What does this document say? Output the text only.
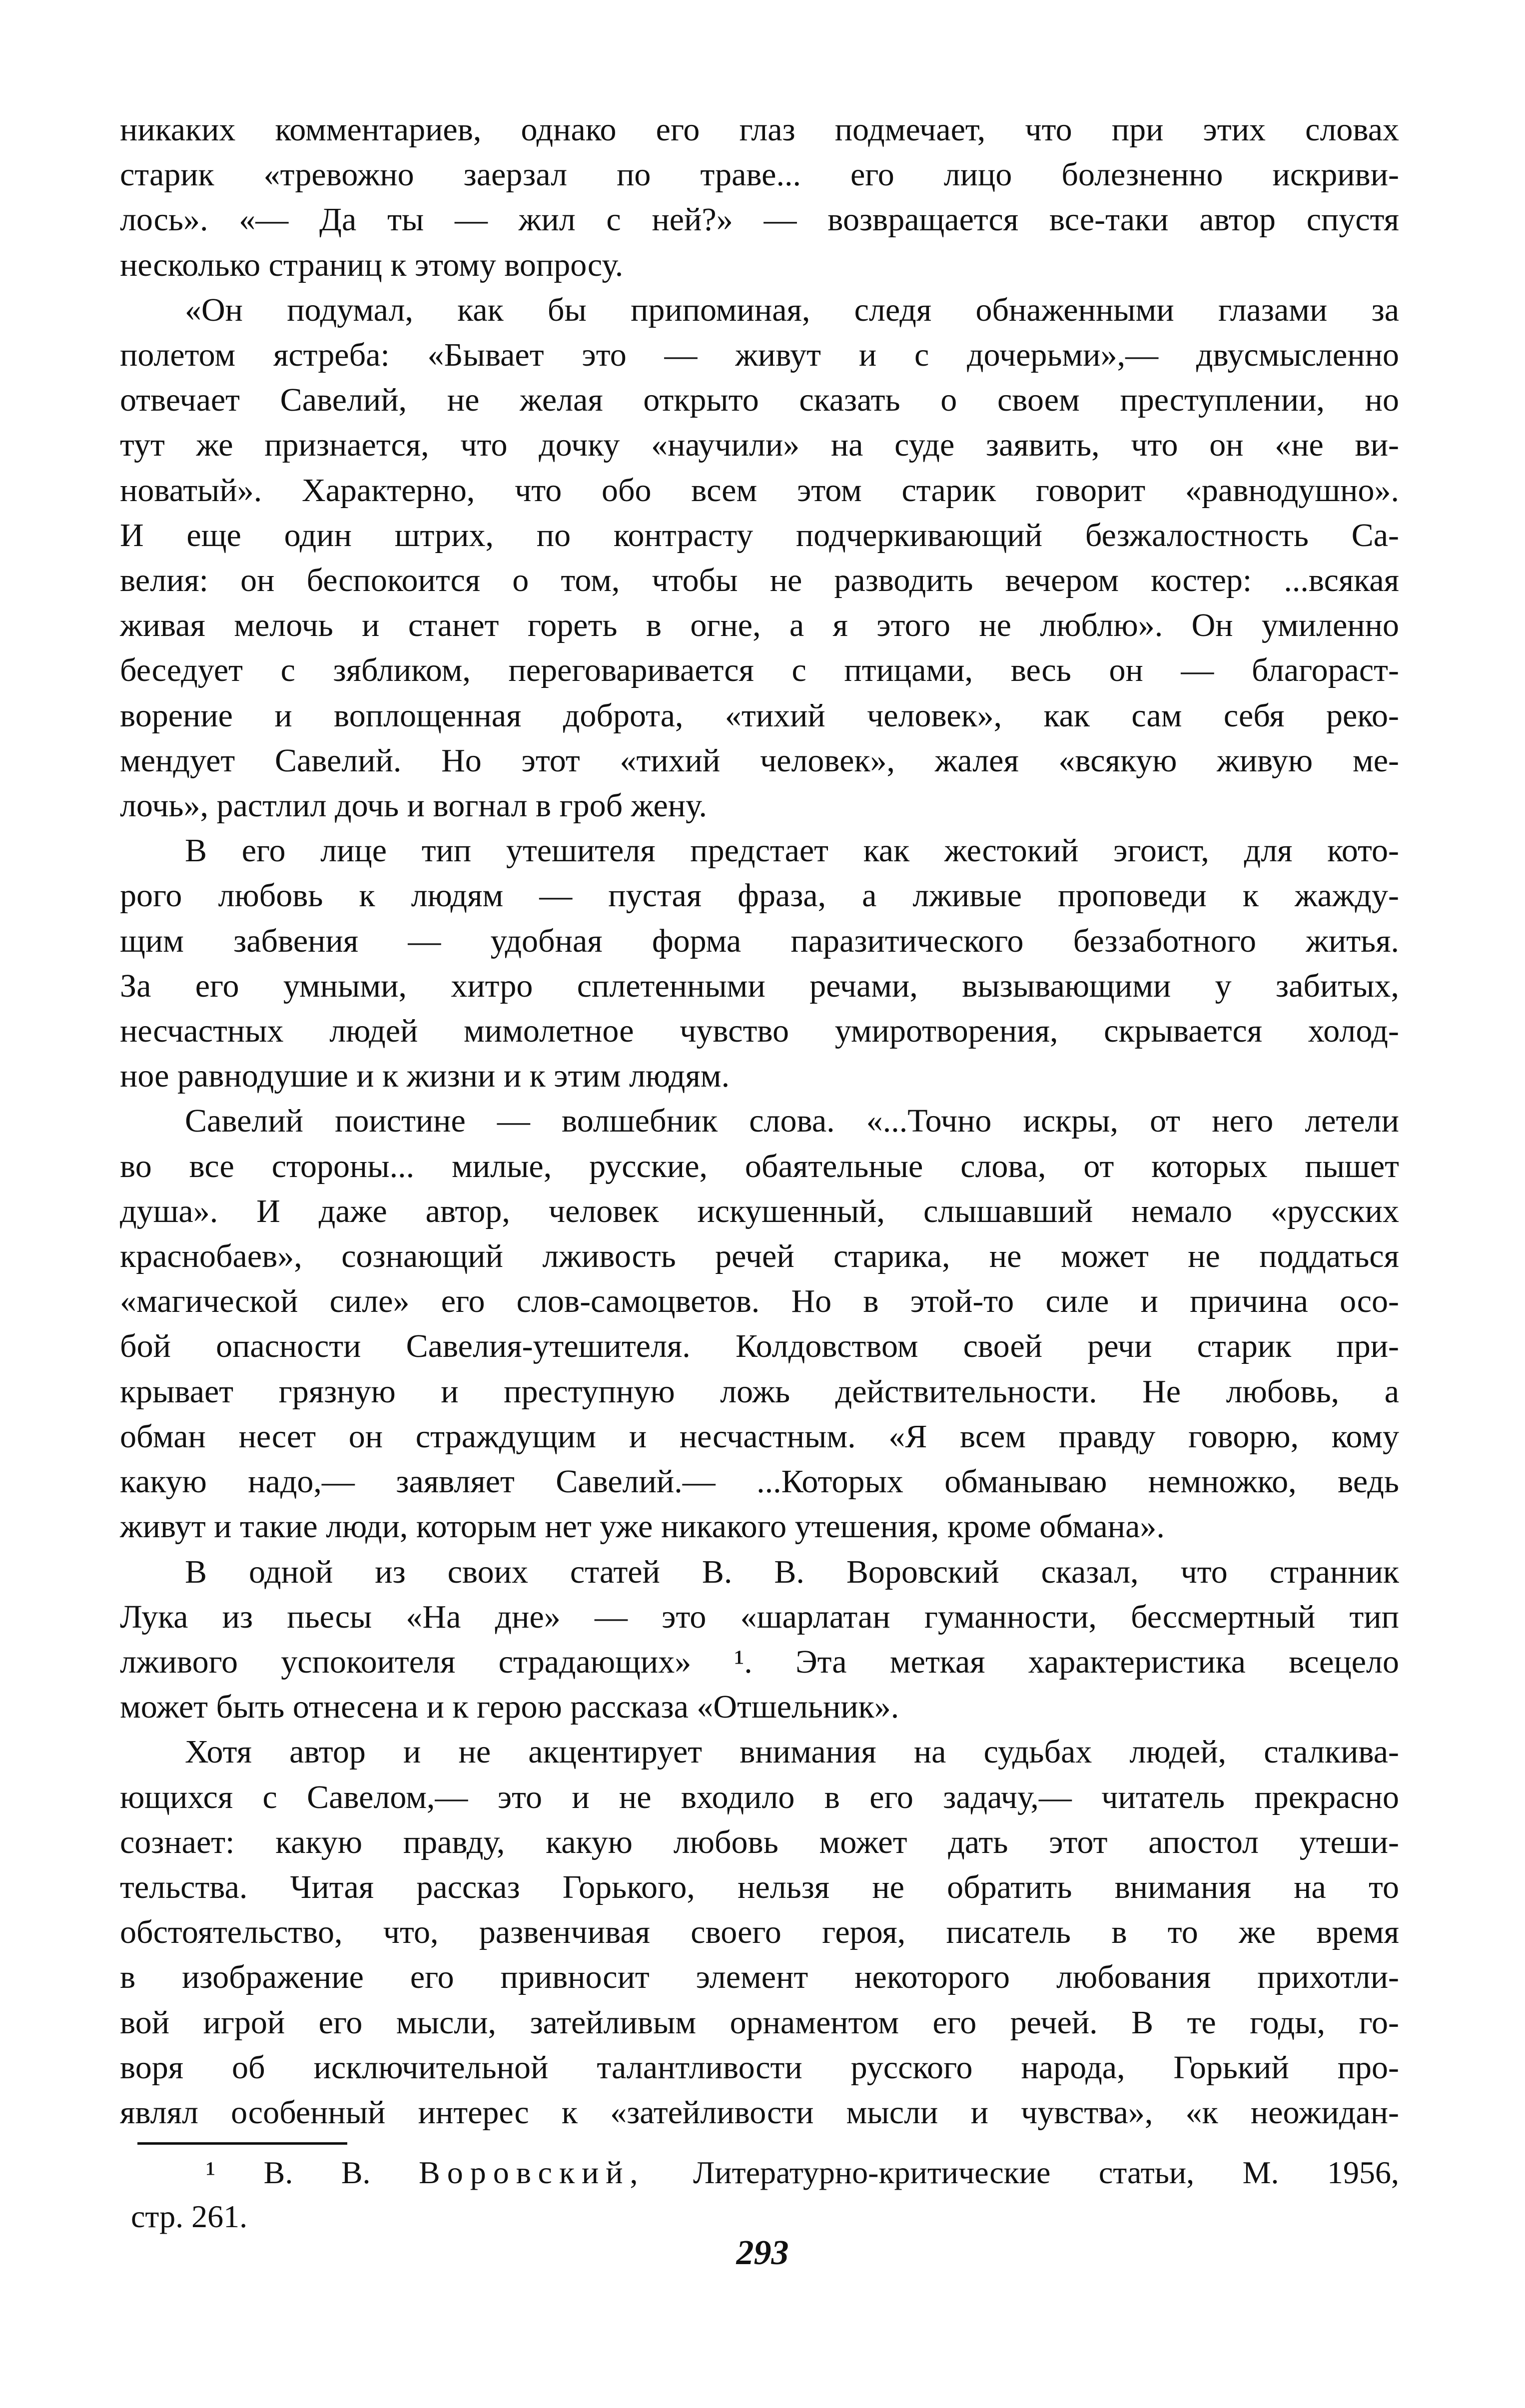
никаких комментариев, однако его глаз подмечает, что при этих словах
старик «тревожно заерзал по траве... его лицо болезненно искриви-
лось». «— Да ты — жил с ней?» — возвращается все-таки автор спустя
несколько страниц к этому вопросу.

«Он подумал, как бы припоминая, следя обнаженными глазами за
полетом ястреба: «Бывает это — живут и с дочерьми»,— двусмысленно
отвечает Савелий, не желая открыто сказать о своем преступлении, но
тут же признается, что дочку «научили» на суде заявить, что он «не ви-
новатый». Характерно, что обо всем этом старик говорит «равнодушно».
И еще один штрих, по контрасту подчеркивающий безжалостность Са-
велия: он беспокоится о том, чтобы не разводить вечером костер: ...всякая
живая мелочь и станет гореть в огне, а я этого не люблю». Он умиленно
беседует с зябликом, переговаривается с птицами, весь он — благораст-
ворение и воплощенная доброта, «тихий человек», как сам себя реко-
мендует Савелий. Но этот «тихий человек», жалея «всякую живую ме-
лочь», растлил дочь и вогнал в гроб жену.

В его лице тип утешителя предстает как жестокий эгоист, для кото-
рого любовь к людям — пустая фраза, а лживые проповеди к жажду-
щим забвения — удобная форма паразитического беззаботного житья.
За его умными, хитро сплетенными речами, вызывающими у забитых,
несчастных людей мимолетное чувство умиротворения, скрывается холод-
ное равнодушие и к жизни и к этим людям.

Савелий поистине — волшебник слова. «...Точно искры, от него летели
во все стороны... милые, русские, обаятельные слова, от которых пышет
душа». И даже автор, человек искушенный, слышавший немало «русских
краснобаев», сознающий лживость речей старика, не может не поддаться
«магической силе» его слов-самоцветов. Но в этой-то силе и причина осо-
бой опасности Савелия-утешителя. Колдовством своей речи старик при-
крывает грязную и преступную ложь действительности. Не любовь, а
обман несет он страждущим и несчастным. «Я всем правду говорю, кому
какую надо,— заявляет Савелий.— ...Которых обманываю немножко, ведь
живут и такие люди, которым нет уже никакого утешения, кроме обмана».

В одной из своих статей В. В. Воровский сказал, что странник
Лука из пьесы «На дне» — это «шарлатан гуманности, бессмертный тип
лживого успокоителя страдающих» ¹. Эта меткая характеристика всецело
может быть отнесена и к герою рассказа «Отшельник».

Хотя автор и не акцентирует внимания на судьбах людей, сталкива-
ющихся с Савелом,— это и не входило в его задачу,— читатель прекрасно
сознает: какую правду, какую любовь может дать этот апостол утеши-
тельства. Читая рассказ Горького, нельзя не обратить внимания на то
обстоятельство, что, развенчивая своего героя, писатель в то же время
в изображение его привносит элемент некоторого любования прихотли-
вой игрой его мысли, затейливым орнаментом его речей. В те годы, го-
воря об исключительной талантливости русского народа, Горький про-
являл особенный интерес к «затейливости мысли и чувства», «к неожидан-

¹ В. В. Воровский, Литературно-критические статьи, М. 1956,
стр. 261.
293
